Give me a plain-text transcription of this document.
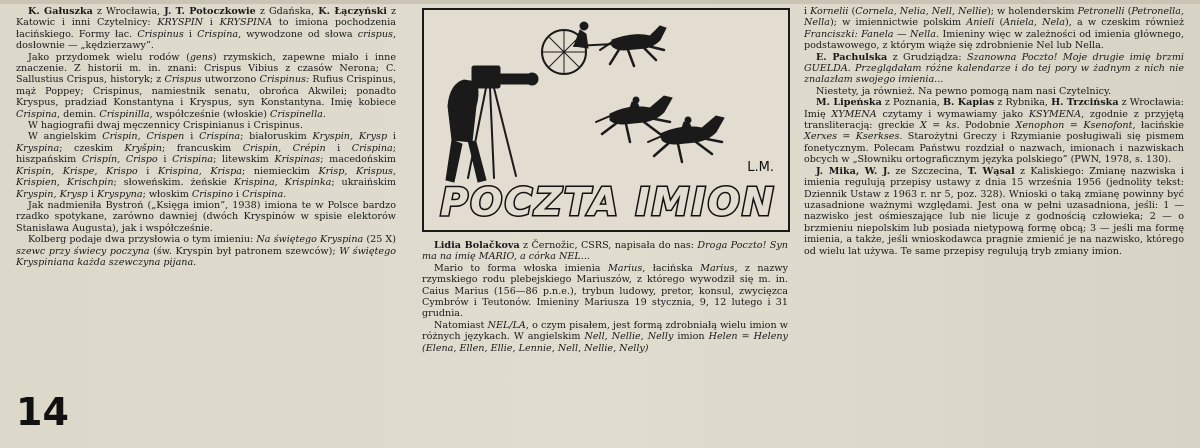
K. Gałuszka z Wrocławia, J. T. Potoczkowie z Gdańska, K. Łączyński z Katowic i inni Czytelnicy: KRYSPIN i KRYSPINA to imiona pochodzenia łacińskiego. Formy łac. Crispinus i Crispina, wywodzone od słowa crispus, dosłownie — „kędzierzawy”.

Jako przydomek wielu rodów (gens) rzymskich, zapewne miało i inne znaczenie. Z historii m. in. znani: Crispus Vibius z czasów Nerona; C. Sallustius Crispus, historyk; z Crispus utworzono Crispinus: Rufius Crispinus, mąż Poppey; Crispinus, namiestnik senatu, obrońca Akwilei; ponadto Kryspus, pradziad Konstantyna i Kryspus, syn Konstantyna. Imię kobiece Crispina, demin. Crispinilla, współcześnie (włoskie) Crispinella.

W hagiografii dwaj męczennicy Crispinianus i Crispinus.

W angielskim Crispin, Crispen i Crispina; białoruskim Kryspin, Krysp i Kryspina; czeskim Kryšpin; francuskim Crispin, Crépin i Crispina; hiszpańskim Crispín, Crispo i Crispina; litewskim Krispinas; macedońskim Krispin, Krispe, Krispo i Krispina, Krispa; niemieckim Krisp, Krispus, Krispien, Krischpin; słoweńskim. żeńskie Krispina, Krispinka; ukraińskim Kryspin, Krysp i Kryspyna; włoskim Crispino i Crispina.

Jak nadmieniła Bystroń („Księga imion”, 1938) imiona te w Polsce bardzo rzadko spotykane, zarówno dawniej (dwóch Kryspinów w spisie elektorów Stanisława Augusta), jak i współcześnie.

Kolberg podaje dwa przysłowia o tym imieniu: Na świętego Kryspina (25 X) szewc przy świecy poczyna (św. Kryspin był patronem szewców); W świętego Kryspiniana każda szewczyna pijana.

L.M.
POCZTA IMION

Lidia Bolačkova z Černožic, CSRS, napisała do nas: Droga Poczto! Syn ma na imię MARIO, a córka NEL...

Mario to forma włoska imienia Marius, łacińska Marius, z nazwy rzymskiego rodu plebejskiego Mariuszów, z którego wywodził się m. in. Caius Marius (156—86 p.n.e.), trybun ludowy, pretor, konsul, zwycięzca Cymbrów i Teutonów. Imieniny Mariusza 19 stycznia, 9, 12 lutego i 31 grudnia.

Natomiast NEL/LA, o czym pisałem, jest formą zdrobniałą wielu imion w różnych językach. W angielskim Nell, Nellie, Nelly imion Helen = Heleny (Elena, Ellen, Ellie, Lennie, Nell, Nellie, Nelly)

i Kornelii (Cornela, Nelia, Nell, Nellie); w holenderskim Petronelli (Petronella, Nella); w imiennictwie polskim Anieli (Aniela, Nela), a w czeskim również Franciszki: Fanela — Nella. Imieniny więc w zależności od imienia głównego, podstawowego, z którym wiąże się zdrobnienie Nel lub Nella.

E. Pachulska z Grudziądza: Szanowna Poczto! Moje drugie imię brzmi GUELDA. Przeglądałam różne kalendarze i do tej pory w żadnym z nich nie znalazłam swojego imienia...

Niestety, ja również. Na pewno pomogą nam nasi Czytelnicy.

M. Lipeńska z Poznania, B. Kapias z Rybnika, H. Trzcińska z Wrocławia: Imię XYMENA czytamy i wymawiamy jako KSYMENA, zgodnie z przyjętą transliteracją: greckie X = ks. Podobnie Xenophon = Ksenofont, łacińskie Xerxes = Kserkses. Starożytni Greczy i Rzymianie posługiwali się pismem fonetycznym. Polecam Państwu rozdział o nazwach, imionach i nazwiskach obcych w „Słowniku ortograficznym języka polskiego” (PWN, 1978, s. 130).

J. Mika, W. J. ze Szczecina, T. Wąsal z Kaliskiego: Zmianę nazwiska i imienia regulują przepisy ustawy z dnia 15 września 1956 (jednolity tekst: Dziennik Ustaw z 1963 r. nr 5, poz. 328). Wnioski o taką zmianę powinny być uzasadnione ważnymi względami. Jest ona w pełni uzasadniona, jeśli: 1 — nazwisko jest ośmieszające lub nie licuje z godnością człowieka; 2 — o brzmieniu niepolskim lub posiada nietypową formę obcą; 3 — jeśli ma formę imienia, a także, jeśli wnioskodawca pragnie zmienić je na nazwisko, którego od wielu lat używa. Te same przepisy regulują tryb zmiany imion.

14
